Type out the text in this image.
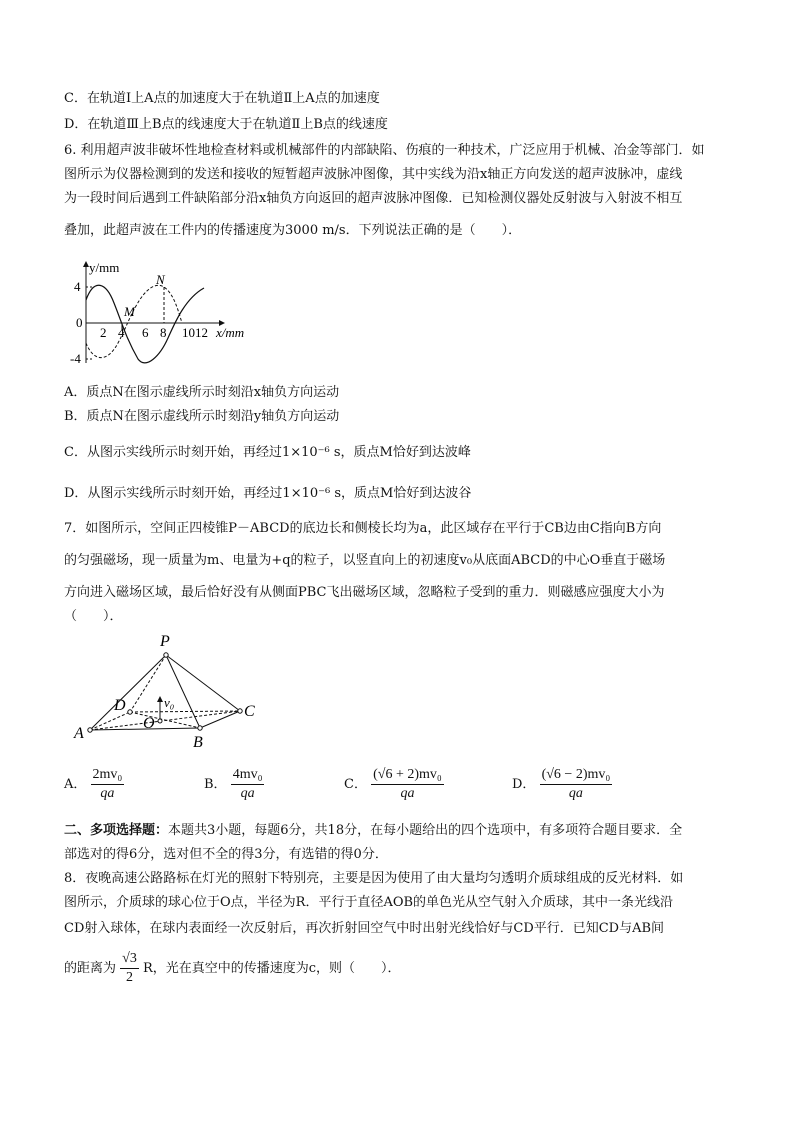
C．在轨道Ⅰ上A点的加速度大于在轨道Ⅱ上A点的加速度
D．在轨道Ⅲ上B点的线速度大于在轨道Ⅱ上B点的线速度
6. 利用超声波非破坏性地检查材料或机械部件的内部缺陷、伤痕的一种技术，广泛应用于机械、冶金等部门．如
图所示为仪器检测到的发送和接收的短暂超声波脉冲图像，其中实线为沿x轴正方向发送的超声波脉冲，虚线
为一段时间后遇到工件缺陷部分沿x轴负方向返回的超声波脉冲图像．已知检测仪器处反射波与入射波不相互
叠加，此超声波在工件内的传播速度为3000 m/s．下列说法正确的是（　　）．
y/mm
x/mm
4
0
-4
2 4 6 8 1012
N
M
A．质点N在图示虚线所示时刻沿x轴负方向运动
B．质点N在图示虚线所示时刻沿y轴负方向运动
C．从图示实线所示时刻开始，再经过1×10⁻⁶ s，质点M恰好到达波峰
D．从图示实线所示时刻开始，再经过1×10⁻⁶ s，质点M恰好到达波谷
7．如图所示，空间正四棱锥P－ABCD的底边长和侧棱长均为a，此区域存在平行于CB边由C指向B方向
的匀强磁场，现一质量为m、电量为+q的粒子，以竖直向上的初速度v₀从底面ABCD的中心O垂直于磁场
方向进入磁场区域，最后恰好没有从侧面PBC飞出磁场区域，忽略粒子受到的重力．则磁感应强度大小为
（　　）．
P
A
B
C
D
O
v₀
A． $\frac{\text{2mv₀}}{qa}$	B． $\frac{\text{4mv₀}}{qa}$	C． $\frac{\text{(√6 + 2)mv₀}}{qa}$	D． $\frac{\text{(√6 − 2)mv₀}}{qa}$
二、多项选择题：本题共3小题，每题6分，共18分，在每小题给出的四个选项中，有多项符合题目要求．全
部选对的得6分，选对但不全的得3分，有选错的得0分．
8．夜晚高速公路路标在灯光的照射下特别亮，主要是因为使用了由大量均匀透明介质球组成的反光材料．如
图所示，介质球的球心位于O点，半径为R．平行于直径AOB的单色光从空气射入介质球，其中一条光线沿
CD射入球体，在球内表面经一次反射后，再次折射回空气中时出射光线恰好与CD平行．已知CD与AB间
的距离为 $\frac{√3}{2}$ R，光在真空中的传播速度为c，则（　　）．
